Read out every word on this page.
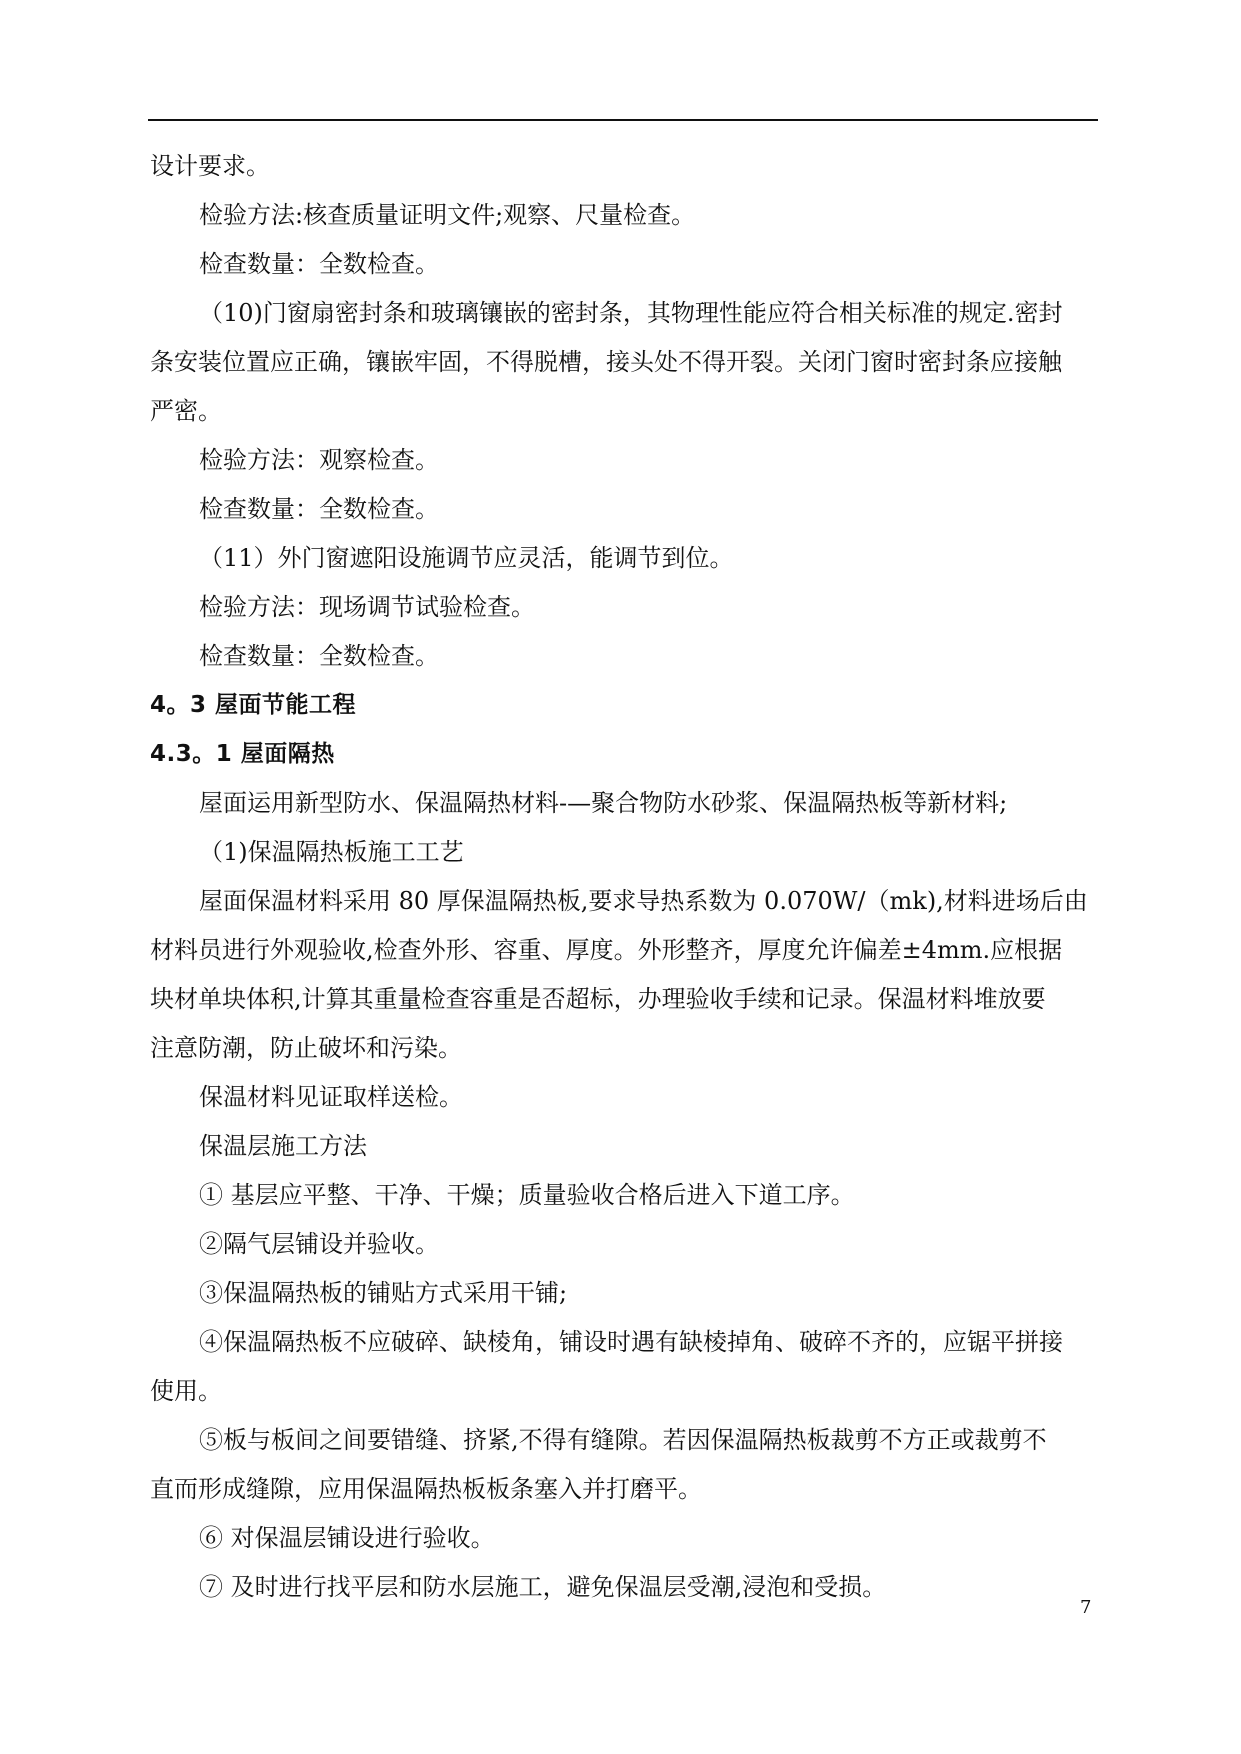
设计要求。
检验方法:核查质量证明文件;观察、尺量检查。
检查数量：全数检查。
（10)门窗扇密封条和玻璃镶嵌的密封条，其物理性能应符合相关标准的规定.密封
条安装位置应正确，镶嵌牢固，不得脱槽，接头处不得开裂。关闭门窗时密封条应接触
严密。
检验方法：观察检查。
检查数量：全数检查。
（11）外门窗遮阳设施调节应灵活，能调节到位。
检验方法：现场调节试验检查。
检查数量：全数检查。
4。3 屋面节能工程
4.3。1 屋面隔热
屋面运用新型防水、保温隔热材料-—聚合物防水砂浆、保温隔热板等新材料;
（1)保温隔热板施工工艺
屋面保温材料采用 80 厚保温隔热板,要求导热系数为 0.070W/（mk),材料进场后由
材料员进行外观验收,检查外形、容重、厚度。外形整齐，厚度允许偏差±4mm.应根据
块材单块体积,计算其重量检查容重是否超标，办理验收手续和记录。保温材料堆放要
注意防潮，防止破坏和污染。
保温材料见证取样送检。
保温层施工方法
① 基层应平整、干净、干燥；质量验收合格后进入下道工序。
②隔气层铺设并验收。
③保温隔热板的铺贴方式采用干铺;
④保温隔热板不应破碎、缺棱角，铺设时遇有缺棱掉角、破碎不齐的，应锯平拼接
使用。
⑤板与板间之间要错缝、挤紧,不得有缝隙。若因保温隔热板裁剪不方正或裁剪不
直而形成缝隙，应用保温隔热板板条塞入并打磨平。
⑥ 对保温层铺设进行验收。
⑦ 及时进行找平层和防水层施工，避免保温层受潮,浸泡和受损。
7
